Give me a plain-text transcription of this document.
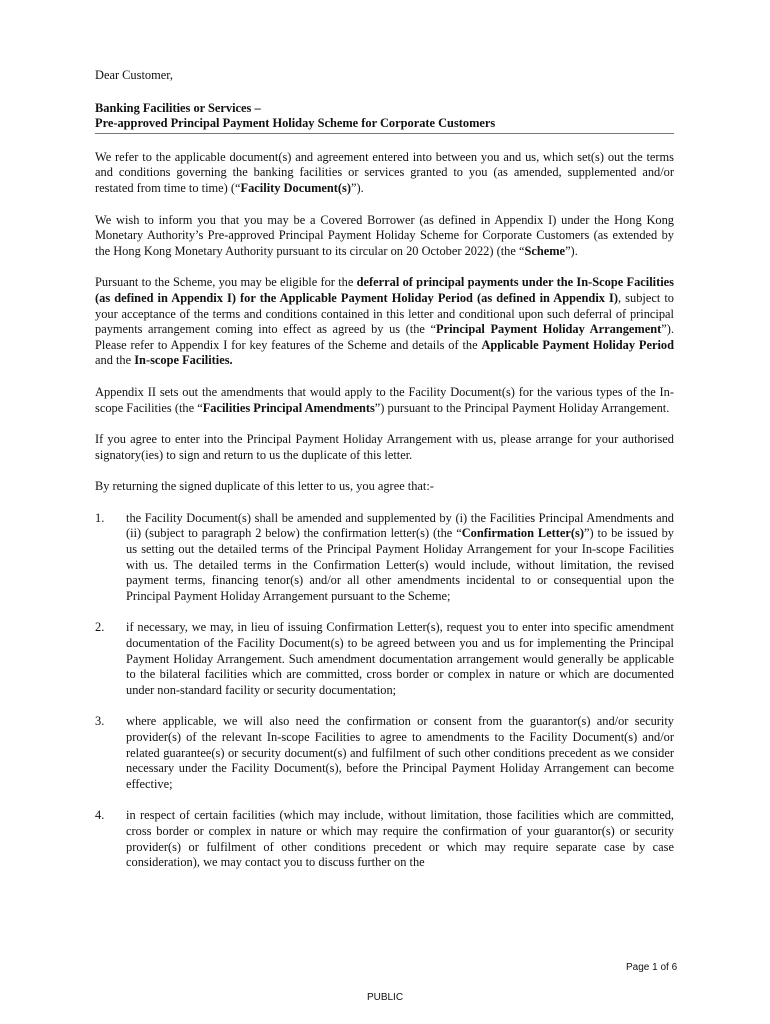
Dear Customer,

Banking Facilities or Services –
Pre-approved Principal Payment Holiday Scheme for Corporate Customers

We refer to the applicable document(s) and agreement entered into between you and us, which set(s) out the terms and conditions governing the banking facilities or services granted to you (as amended, supplemented and/or restated from time to time) (“Facility Document(s)”).

We wish to inform you that you may be a Covered Borrower (as defined in Appendix I) under the Hong Kong Monetary Authority’s Pre-approved Principal Payment Holiday Scheme for Corporate Customers (as extended by the Hong Kong Monetary Authority pursuant to its circular on 20 October 2022) (the “Scheme”).

Pursuant to the Scheme, you may be eligible for the deferral of principal payments under the In-Scope Facilities (as defined in Appendix I) for the Applicable Payment Holiday Period (as defined in Appendix I), subject to your acceptance of the terms and conditions contained in this letter and conditional upon such deferral of principal payments arrangement coming into effect as agreed by us (the “Principal Payment Holiday Arrangement”). Please refer to Appendix I for key features of the Scheme and details of the Applicable Payment Holiday Period and the In-scope Facilities.

Appendix II sets out the amendments that would apply to the Facility Document(s) for the various types of the In-scope Facilities (the “Facilities Principal Amendments”) pursuant to the Principal Payment Holiday Arrangement.

If you agree to enter into the Principal Payment Holiday Arrangement with us, please arrange for your authorised signatory(ies) to sign and return to us the duplicate of this letter.

By returning the signed duplicate of this letter to us, you agree that:-

1.	the Facility Document(s) shall be amended and supplemented by (i) the Facilities Principal Amendments and (ii) (subject to paragraph 2 below) the confirmation letter(s) (the “Confirmation Letter(s)”) to be issued by us setting out the detailed terms of the Principal Payment Holiday Arrangement for your In-scope Facilities with us. The detailed terms in the Confirmation Letter(s) would include, without limitation, the revised payment terms, financing tenor(s) and/or all other amendments incidental to or consequential upon the Principal Payment Holiday Arrangement pursuant to the Scheme;
2.	if necessary, we may, in lieu of issuing Confirmation Letter(s), request you to enter into specific amendment documentation of the Facility Document(s) to be agreed between you and us for implementing the Principal Payment Holiday Arrangement. Such amendment documentation arrangement would generally be applicable to the bilateral facilities which are committed, cross border or complex in nature or which are documented under non-standard facility or security documentation;
3.	where applicable, we will also need the confirmation or consent from the guarantor(s) and/or security provider(s) of the relevant In-scope Facilities to agree to amendments to the Facility Document(s) and/or related guarantee(s) or security document(s) and fulfilment of such other conditions precedent as we consider necessary under the Facility Document(s), before the Principal Payment Holiday Arrangement can become effective;
4.	in respect of certain facilities (which may include, without limitation, those facilities which are committed, cross border or complex in nature or which may require the confirmation of your guarantor(s) or security provider(s) or fulfilment of other conditions precedent or which may require separate case by case consideration), we may contact you to discuss further on the
Page 1 of 6
PUBLIC
